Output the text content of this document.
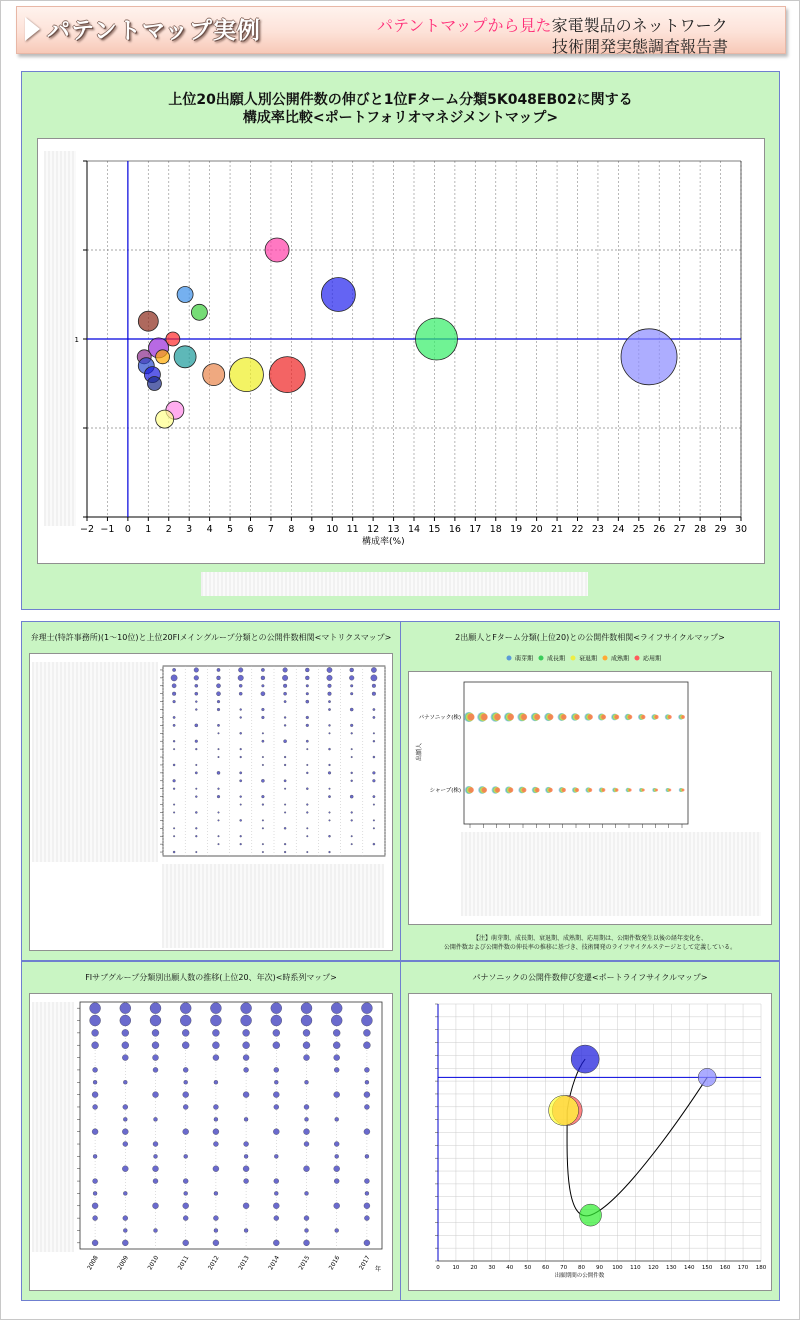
パテントマップ実例	パテントマップから見た家電製品のネットワーク
技術開発実態調査報告書
上位20出願人別公開件数の伸びと1位Fターム分類5K048EB02に関する
構成率比較<ポートフォリオマネジメントマップ>
1
−2 −1 0 1 2 3 4 5 6 7 8 9 10 11 12 13 14 15 16 17 18 19 20 21 22 23 24 25 26 27 28 29 30
構成率(%)
弁理士(特許事務所)(1〜10位)と上位20FIメイングループ分類との公開件数相関<マトリクスマップ>	2出願人とFターム分類(上位20)との公開件数相関<ライフサイクルマップ>
萌芽期 成長期 衰退期 成熟期 応用期
パナソニック(株)
シャープ(株)
出願人
【注】萌芽期、成長期、衰退期、成熟期、応用期は、公開件数発生以後の経年変化を、
公開件数および公開件数の伸長率の推移に基づき、技術開発のライフサイクルステージとして定義している。
FIサブグループ分類別出願人数の推移(上位20、年次)<時系列マップ>
2008	2009	2010	2011	2012	2013	2014	2015	2016	2017 年
パナソニックの公開件数伸び変遷<ポートライフサイクルマップ>
0 10 20 30 40 50 60 70 80 90 100 110 120 130 140 150 160 170 180
出願期間の公開件数
